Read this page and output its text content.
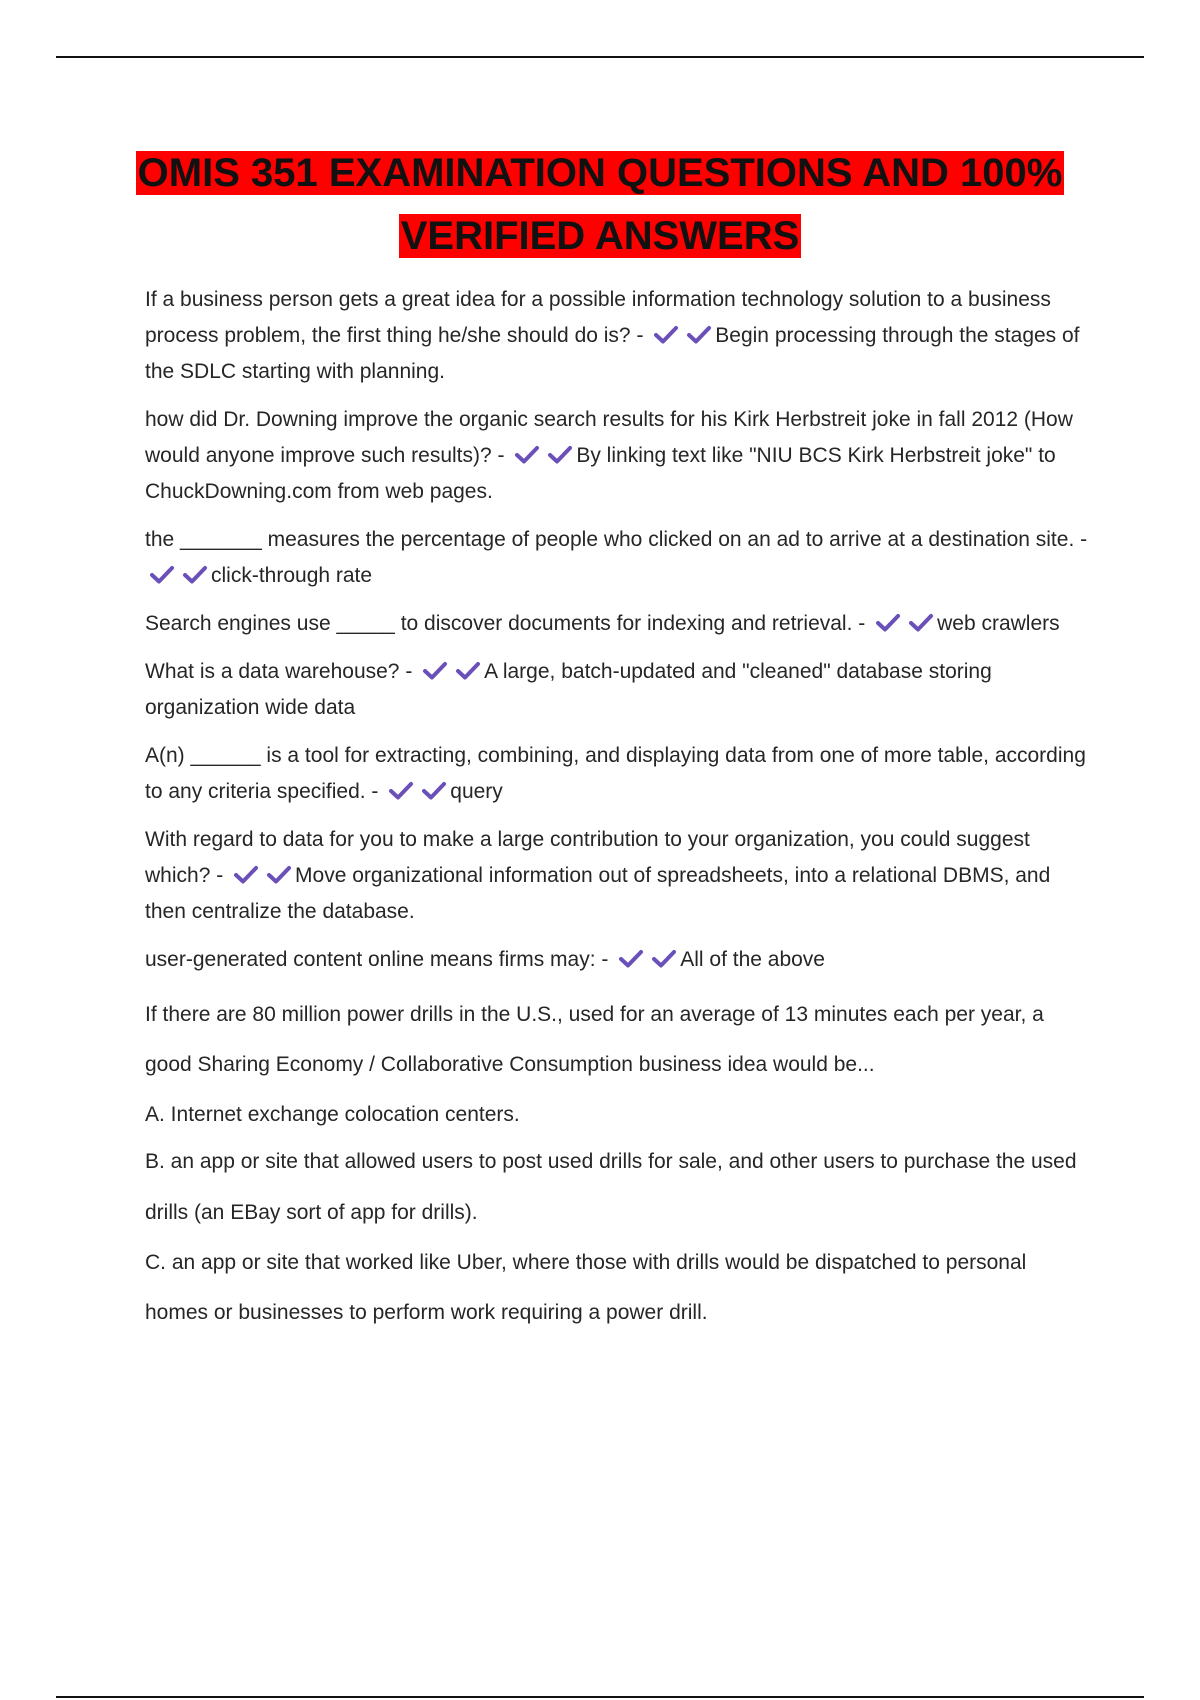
OMIS 351 EXAMINATION QUESTIONS AND 100%
VERIFIED ANSWERS

If a business person gets a great idea for a possible information technology solution to a business process problem, the first thing he/she should do is? -	Begin processing through the stages of the SDLC starting with planning.

how did Dr. Downing improve the organic search results for his Kirk Herbstreit joke in fall 2012 (How would anyone improve such results)? -	By linking text like "NIU BCS Kirk Herbstreit joke" to ChuckDowning.com from web pages.

the _______ measures the percentage of people who clicked on an ad to arrive at a destination site. -
click-through rate

Search engines use _____ to discover documents for indexing and retrieval. -	web crawlers

What is a data warehouse? -	A large, batch-updated and "cleaned" database storing organization wide data

A(n) ______ is a tool for extracting, combining, and displaying data from one of more table, according to any criteria specified. -	query

With regard to data for you to make a large contribution to your organization, you could suggest which? -	Move organizational information out of spreadsheets, into a relational DBMS, and then centralize the database.

user-generated content online means firms may: -	All of the above

If there are 80 million power drills in the U.S., used for an average of 13 minutes each per year, a good Sharing Economy / Collaborative Consumption business idea would be...

A. Internet exchange colocation centers.

B. an app or site that allowed users to post used drills for sale, and other users to purchase the used

drills (an EBay sort of app for drills).

C. an app or site that worked like Uber, where those with drills would be dispatched to personal homes or businesses to perform work requiring a power drill.
